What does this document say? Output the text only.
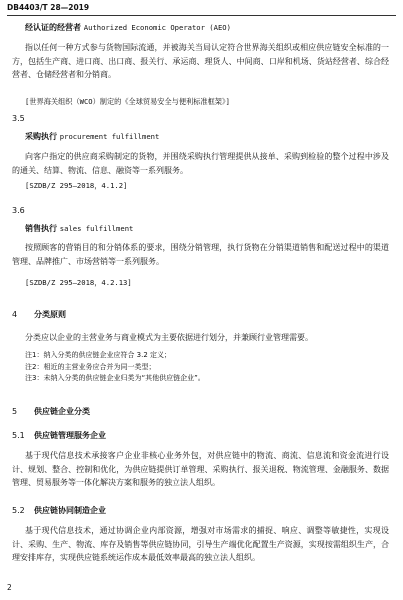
DB4403/T 28—2019
经认证的经营者 Authorized Economic Operator (AEO)
指以任何一种方式参与货物国际流通，并被海关当局认定符合世界海关组织或相应供应链安全标准的一方，包括生产商、进口商、出口商、报关行、承运商、理货人、中间商、口岸和机场、货站经营者、综合经营者、仓储经营者和分销商。
[世界海关组织（WCO）制定的《全球贸易安全与便利标准框架》]
3.5
采购执行 procurement fulfillment
向客户指定的供应商采购制定的货物，并围绕采购执行管理提供从接单、采购到检验的整个过程中涉及的通关、结算、物流、信息、融资等一系列服务。
[SZDB/Z 295—2018，4.1.2]
3.6
销售执行 sales fulfillment
按照顾客的营销目的和分销体系的要求，围绕分销管理，执行货物在分销渠道销售和配送过程中的渠道管理、品牌推广、市场营销等一系列服务。
[SZDB/Z 295—2018，4.2.13]
4 分类原则
分类应以企业的主营业务与商业模式为主要依据进行划分，并兼顾行业管理需要。
注1：纳入分类的供应链企业应符合 3.2 定义；
注2：相近的主营业务应合并为同一类型；
注3：未纳入分类的供应链企业归类为“其他供应链企业”。
5 供应链企业分类
5.1 供应链管理服务企业
基于现代信息技术承接客户企业非核心业务外包，对供应链中的物流、商流、信息流和资金流进行设计、规划、整合、控制和优化，为供应链提供订单管理、采购执行、报关退税、物流管理、金融服务、数据管理、贸易服务等一体化解决方案和服务的独立法人组织。
5.2 供应链协同制造企业
基于现代信息技术，通过协调企业内部资源，增强对市场需求的捕捉、响应、调整等敏捷性，实现设计、采购、生产、物流、库存及销售等供应链协同，引导生产端优化配置生产资源，实现按需组织生产，合理安排库存，实现供应链系统运作成本最低效率最高的独立法人组织。
2
